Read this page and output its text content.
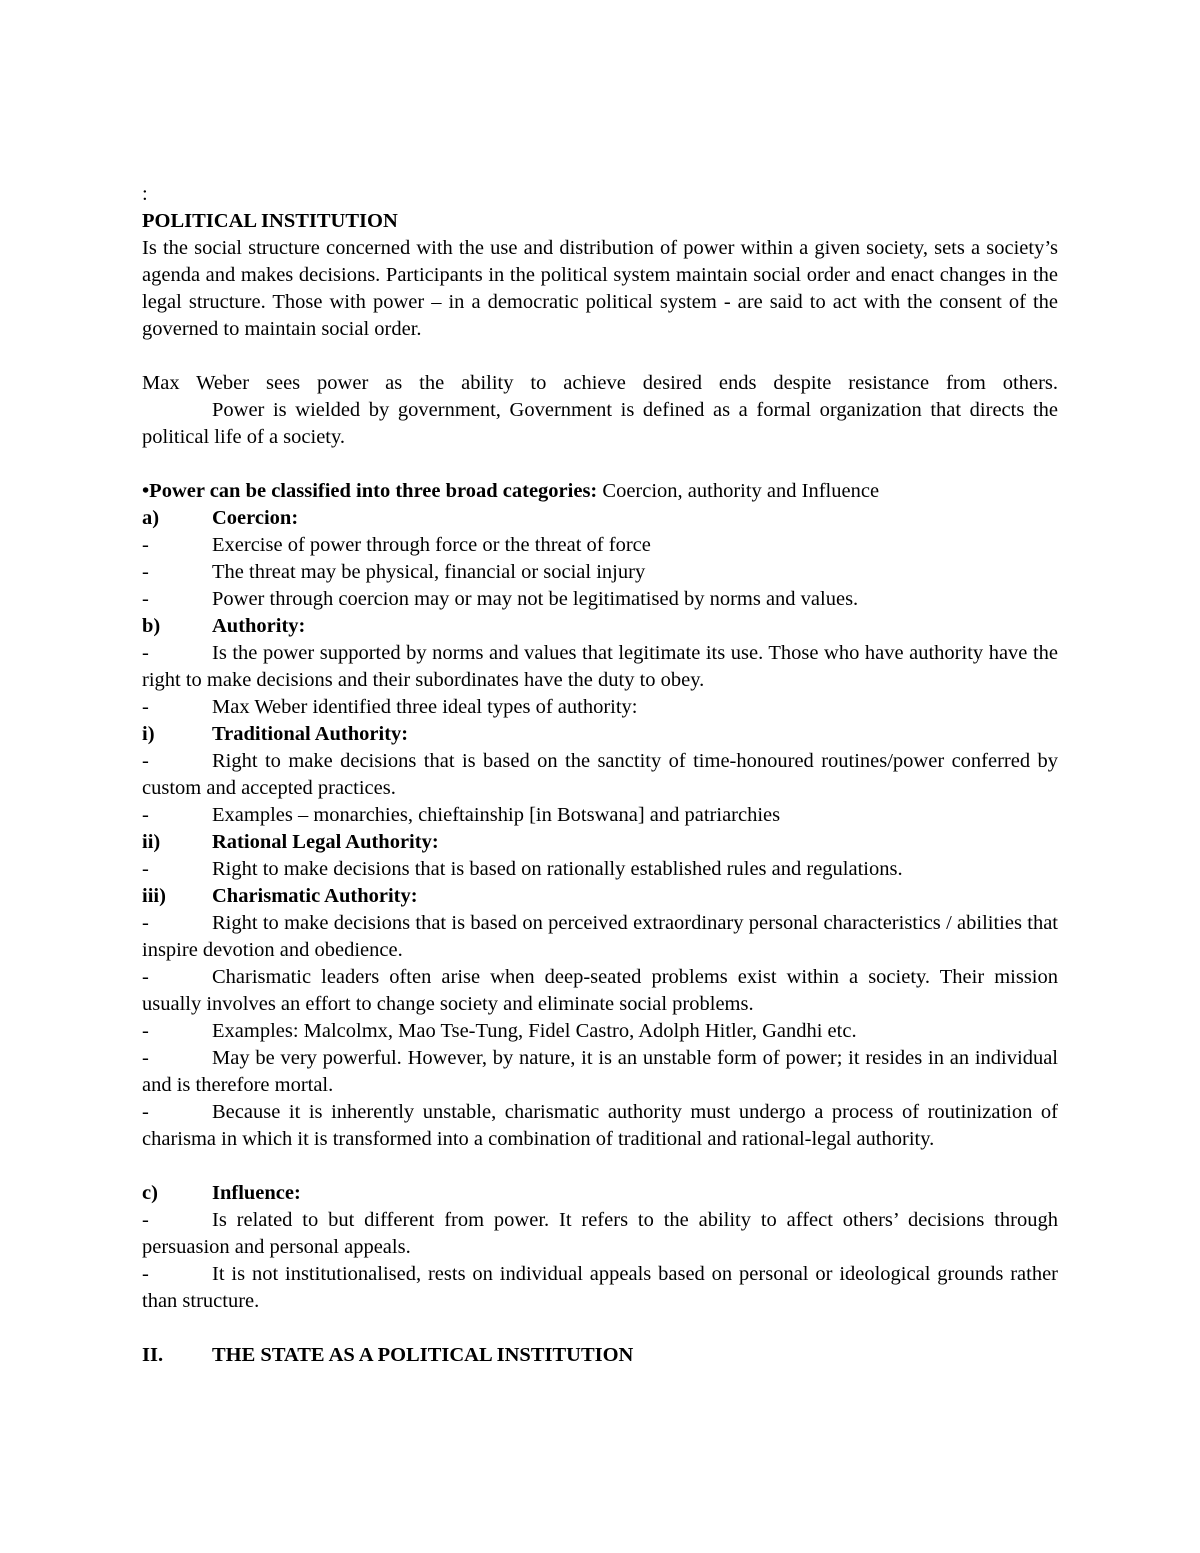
:
POLITICAL INSTITUTION
Is the social structure concerned with the use and distribution of power within a given society, sets a society’s agenda and makes decisions. Participants in the political system maintain social order and enact changes in the legal structure. Those with power – in a democratic political system - are said to act with the consent of the governed to maintain social order.
Max Weber sees power as the ability to achieve desired ends despite resistance from others.
Power is wielded by government, Government is defined as a formal organization that directs the political life of a society.
•Power can be classified into three broad categories: Coercion, authority and Influence
a)	Coercion:
-	Exercise of power through force or the threat of force
-	The threat may be physical, financial or social injury
-	Power through coercion may or may not be legitimatised by norms and values.
b)	Authority:
-	Is the power supported by norms and values that legitimate its use. Those who have authority have the right to make decisions and their subordinates have the duty to obey.
-	Max Weber identified three ideal types of authority:
i)	Traditional Authority:
-	Right to make decisions that is based on the sanctity of time-honoured routines/power conferred by custom and accepted practices.
-	Examples – monarchies, chieftainship [in Botswana] and patriarchies
ii)	Rational Legal Authority:
-	Right to make decisions that is based on rationally established rules and regulations.
iii)	Charismatic Authority:
-	Right to make decisions that is based on perceived extraordinary personal characteristics / abilities that inspire devotion and obedience.
-	Charismatic leaders often arise when deep-seated problems exist within a society. Their mission usually involves an effort to change society and eliminate social problems.
-	Examples: Malcolmx, Mao Tse-Tung, Fidel Castro, Adolph Hitler, Gandhi etc.
-	May be very powerful. However, by nature, it is an unstable form of power; it resides in an individual and is therefore mortal.
-	Because it is inherently unstable, charismatic authority must undergo a process of routinization of charisma in which it is transformed into a combination of traditional and rational-legal authority.
c)	Influence:
-	Is related to but different from power. It refers to the ability to affect others’ decisions through persuasion and personal appeals.
-	It is not institutionalised, rests on individual appeals based on personal or ideological grounds rather than structure.
II.	THE STATE AS A POLITICAL INSTITUTION
